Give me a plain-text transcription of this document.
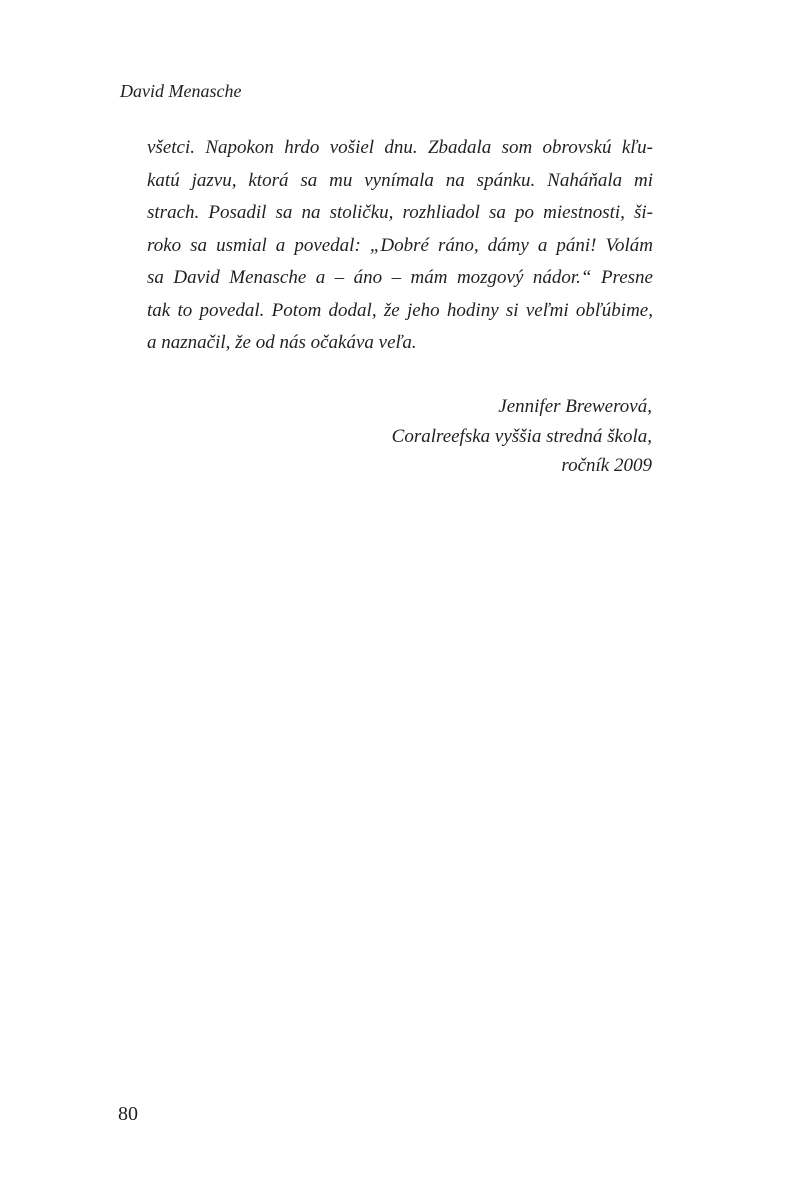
David Menasche
všetci. Napokon hrdo vošiel dnu. Zbadala som obrovskú kľu-
katú jazvu, ktorá sa mu vynímala na spánku. Naháňala mi
strach. Posadil sa na stoličku, rozhliadol sa po miestnosti, ši-
roko sa usmial a povedal: „Dobré ráno, dámy a páni! Volám
sa David Menasche a – áno – mám mozgový nádor.“ Presne
tak to povedal. Potom dodal, že jeho hodiny si veľmi obľúbime,
a naznačil, že od nás očakáva veľa.
Jennifer Brewerová,
Coralreefska vyššia stredná škola,
ročník 2009
80
